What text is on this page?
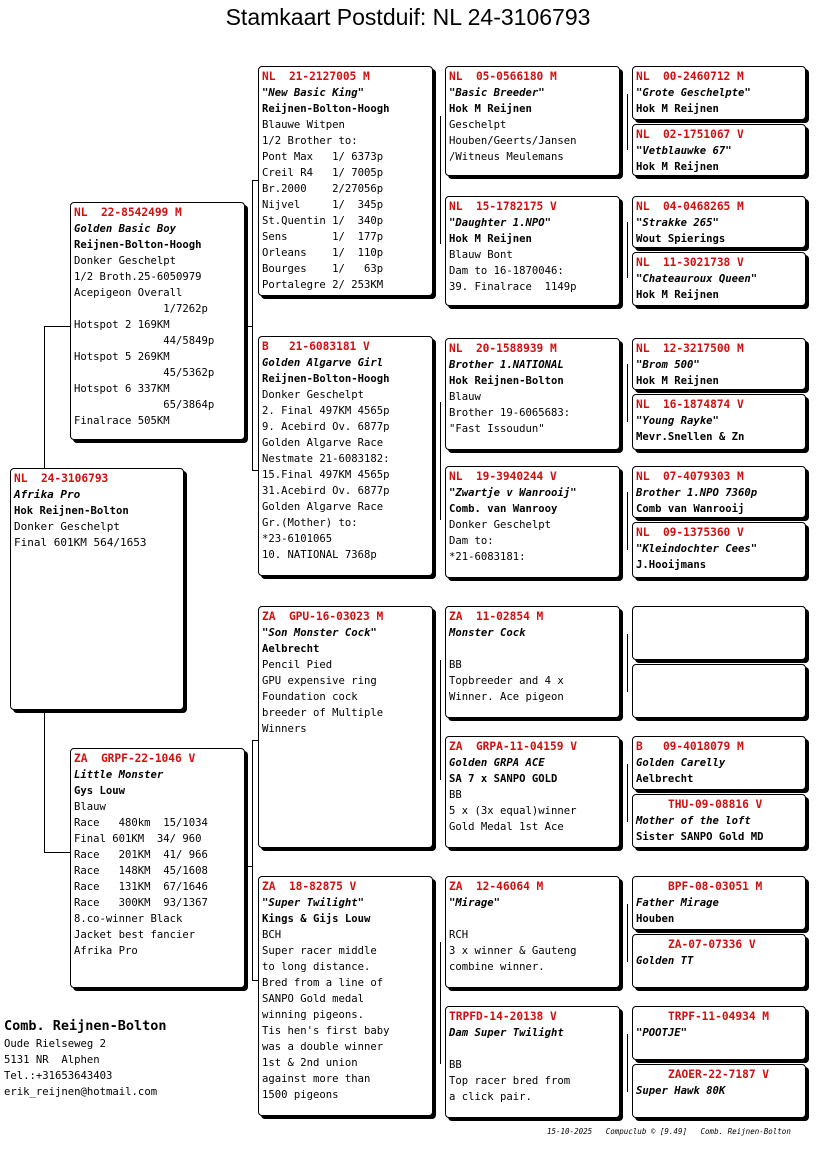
Stamkaart Postduif: NL 24-3106793
NL  24-3106793
Afrika Pro
Hok Reijnen-Bolton
Donker Geschelpt
Final 601KM 564/1653
NL  22-8542499 M
Golden Basic Boy
Reijnen-Bolton-Hoogh
Donker Geschelpt
1/2 Broth.25-6050979
Acepigeon Overall
1/7262p
Hotspot 2 169KM
44/5849p
Hotspot 5 269KM
45/5362p
Hotspot 6 337KM
65/3864p
Finalrace 505KM
ZA  GRPF-22-1046 V
Little Monster
Gys Louw
Blauw
Race   480km  15/1034
Final 601KM  34/ 960
Race   201KM  41/ 966
Race   148KM  45/1608
Race   131KM  67/1646
Race   300KM  93/1367
8.co-winner Black
Jacket best fancier
Afrika Pro
NL  21-2127005 M
"New Basic King"
Reijnen-Bolton-Hoogh
Blauwe Witpen
1/2 Brother to:
Pont Max   1/ 6373p
Creil R4   1/ 7005p
Br.2000    2/27056p
Nijvel     1/  345p
St.Quentin 1/  340p
Sens       1/  177p
Orleans    1/  110p
Bourges    1/   63p
Portalegre 2/ 253KM
B   21-6083181 V
Golden Algarve Girl
Reijnen-Bolton-Hoogh
Donker Geschelpt
2. Final 497KM 4565p
9. Acebird Ov. 6877p
Golden Algarve Race
Nestmate 21-6083182:
15.Final 497KM 4565p
31.Acebird Ov. 6877p
Golden Algarve Race
Gr.(Mother) to:
*23-6101065
10. NATIONAL 7368p
ZA  GPU-16-03023 M
"Son Monster Cock"
Aelbrecht
Pencil Pied
GPU expensive ring
Foundation cock
breeder of Multiple
Winners
ZA  18-82875 V
"Super Twilight"
Kings & Gijs Louw
BCH
Super racer middle
to long distance.
Bred from a line of
SANPO Gold medal
winning pigeons.
Tis hen's first baby
was a double winner
1st & 2nd union
against more than
1500 pigeons
NL  05-0566180 M
"Basic Breeder"
Hok M Reijnen
Geschelpt
Houben/Geerts/Jansen
/Witneus Meulemans
NL  15-1782175 V
"Daughter 1.NPO"
Hok M Reijnen
Blauw Bont
Dam to 16-1870046:
39. Finalrace  1149p
NL  20-1588939 M
Brother 1.NATIONAL
Hok Reijnen-Bolton
Blauw
Brother 19-6065683:
"Fast Issoudun"
NL  19-3940244 V
"Zwartje v Wanrooij"
Comb. van Wanrooy
Donker Geschelpt
Dam to:
*21-6083181:
ZA  11-02854 M
Monster Cock
BB
Topbreeder and 4 x
Winner. Ace pigeon
ZA  GRPA-11-04159 V
Golden GRPA ACE
SA 7 x SANPO GOLD
BB
5 x (3x equal)winner
Gold Medal 1st Ace
ZA  12-46064 M
"Mirage"
RCH
3 x winner & Gauteng
combine winner.
TRPFD-14-20138 V
Dam Super Twilight
BB
Top racer bred from
a click pair.
NL  00-2460712 M
"Grote Geschelpte"
Hok M Reijnen
NL  02-1751067 V
"Vetblauwke 67"
Hok M Reijnen
NL  04-0468265 M
"Strakke 265"
Wout Spierings
NL  11-3021738 V
"Chateauroux Queen"
Hok M Reijnen
NL  12-3217500 M
"Brom 500"
Hok M Reijnen
NL  16-1874874 V
"Young Rayke"
Mevr.Snellen & Zn
NL  07-4079303 M
Brother 1.NPO 7360p
Comb van Wanrooij
NL  09-1375360 V
"Kleindochter Cees"
J.Hooijmans
B   09-4018079 M
Golden Carelly
Aelbrecht
THU-09-08816 V
Mother of the loft
Sister SANPO Gold MD
BPF-08-03051 M
Father Mirage
Houben
ZA-07-07336 V
Golden TT
TRPF-11-04934 M
"POOTJE"
ZAOER-22-7187 V
Super Hawk 80K
Comb. Reijnen-Bolton
Oude Rielseweg 2
5131 NR  Alphen
Tel.:+31653643403
erik_reijnen@hotmail.com
15-10-2025 Compuclub © [9.49] Comb. Reijnen-Bolton
